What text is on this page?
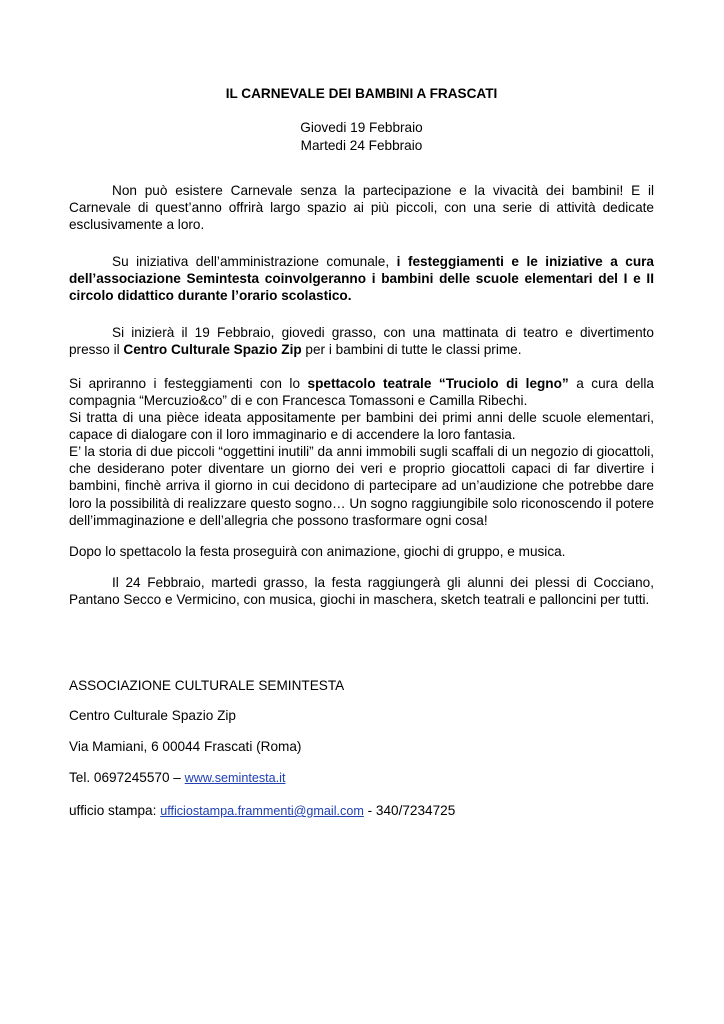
IL CARNEVALE DEI BAMBINI A FRASCATI
Giovedi 19 Febbraio
Martedi 24 Febbraio

Non può esistere Carnevale senza la partecipazione e la vivacità dei bambini! E il Carnevale di quest’anno offrirà largo spazio ai più piccoli, con una serie di attività dedicate esclusivamente a loro.

Su iniziativa dell’amministrazione comunale, i festeggiamenti e le iniziative a cura dell’associazione Semintesta coinvolgeranno i bambini delle scuole elementari del I e II circolo didattico durante l’orario scolastico.

Si inizierà il 19 Febbraio, giovedi grasso, con una mattinata di teatro e divertimento presso il Centro Culturale Spazio Zip per i bambini di tutte le classi prime.

Si apriranno i festeggiamenti con lo spettacolo teatrale “Truciolo di legno” a cura della compagnia “Mercuzio&co” di e con Francesca Tomassoni e Camilla Ribechi.

Si tratta di una pièce ideata appositamente per bambini dei primi anni delle scuole elementari, capace di dialogare con il loro immaginario e di accendere la loro fantasia.

E’ la storia di due piccoli “oggettini inutili” da anni immobili sugli scaffali di un negozio di giocattoli, che desiderano poter diventare un giorno dei veri e proprio giocattoli capaci di far divertire i bambini, finchè arriva il giorno in cui decidono di partecipare ad un’audizione che potrebbe dare loro la possibilità di realizzare questo sogno… Un sogno raggiungibile solo riconoscendo il potere dell’immaginazione e dell’allegria che possono trasformare ogni cosa!

Dopo lo spettacolo la festa proseguirà con animazione, giochi di gruppo, e musica.

Il 24 Febbraio, martedi grasso, la festa raggiungerà gli alunni dei plessi di Cocciano, Pantano Secco e Vermicino, con musica, giochi in maschera, sketch teatrali e palloncini per tutti.

ASSOCIAZIONE CULTURALE SEMINTESTA

Centro Culturale Spazio Zip

Via Mamiani, 6 00044 Frascati (Roma)

Tel. 0697245570 – www.semintesta.it

ufficio stampa: ufficiostampa.frammenti@gmail.com - 340/7234725
